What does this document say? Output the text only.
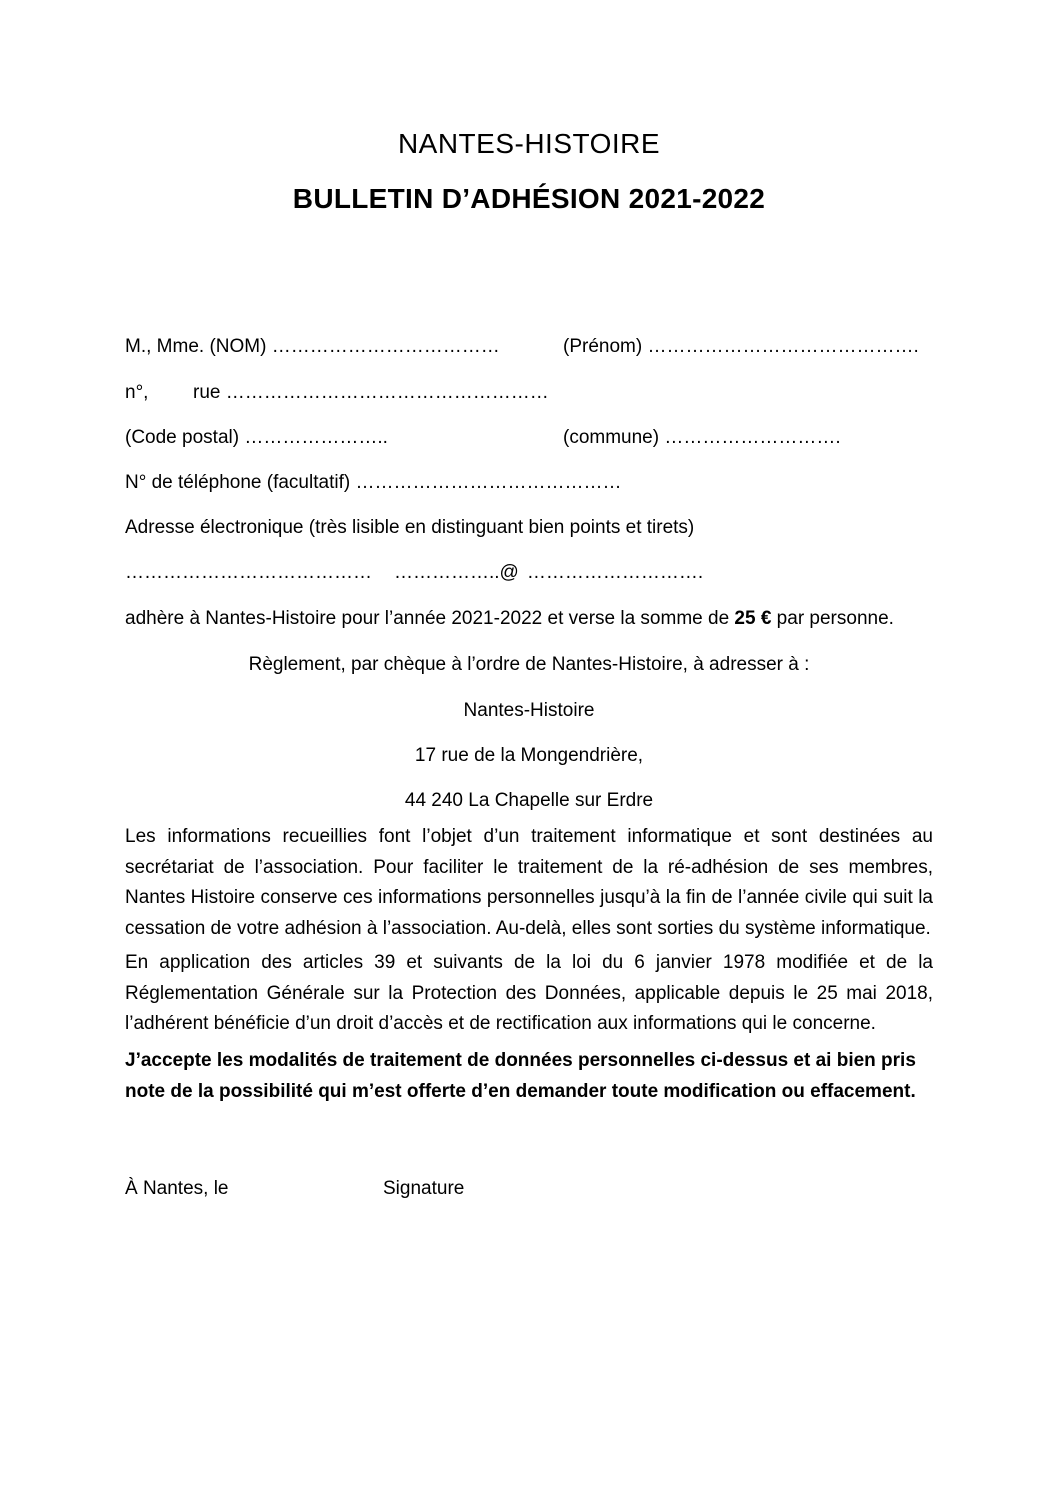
NANTES-HISTOIRE
BULLETIN D’ADHÉSION 2021-2022
M., Mme. (NOM) ………………………………	(Prénom) …………………………………….
n°, rue ……………………………………………
(Code postal) …………………..	(commune) ……………………….
N° de téléphone (facultatif) ……………………………………
Adresse électronique (très lisible en distinguant bien points et tirets)
………………………………… ……………..@ ……………………….
adhère à Nantes-Histoire pour l’année 2021-2022 et verse la somme de 25 € par personne.
Règlement, par chèque à l’ordre de Nantes-Histoire, à adresser à :
Nantes-Histoire
17 rue de la Mongendrière,
44 240 La Chapelle sur Erdre
Les informations recueillies font l’objet d’un traitement informatique et sont destinées au secrétariat de l’association. Pour faciliter le traitement de la ré-adhésion de ses membres, Nantes Histoire conserve ces informations personnelles jusqu’à la fin de l’année civile qui suit la cessation de votre adhésion à l’association. Au-delà, elles sont sorties du système informatique.
En application des articles 39 et suivants de la loi du 6 janvier 1978 modifiée et de la Réglementation Générale sur la Protection des Données, applicable depuis le 25 mai 2018, l’adhérent bénéficie d’un droit d’accès et de rectification aux informations qui le concerne.
J’accepte les modalités de traitement de données personnelles ci-dessus et ai bien pris note de la possibilité qui m’est offerte d’en demander toute modification ou effacement.
À Nantes, le	Signature
